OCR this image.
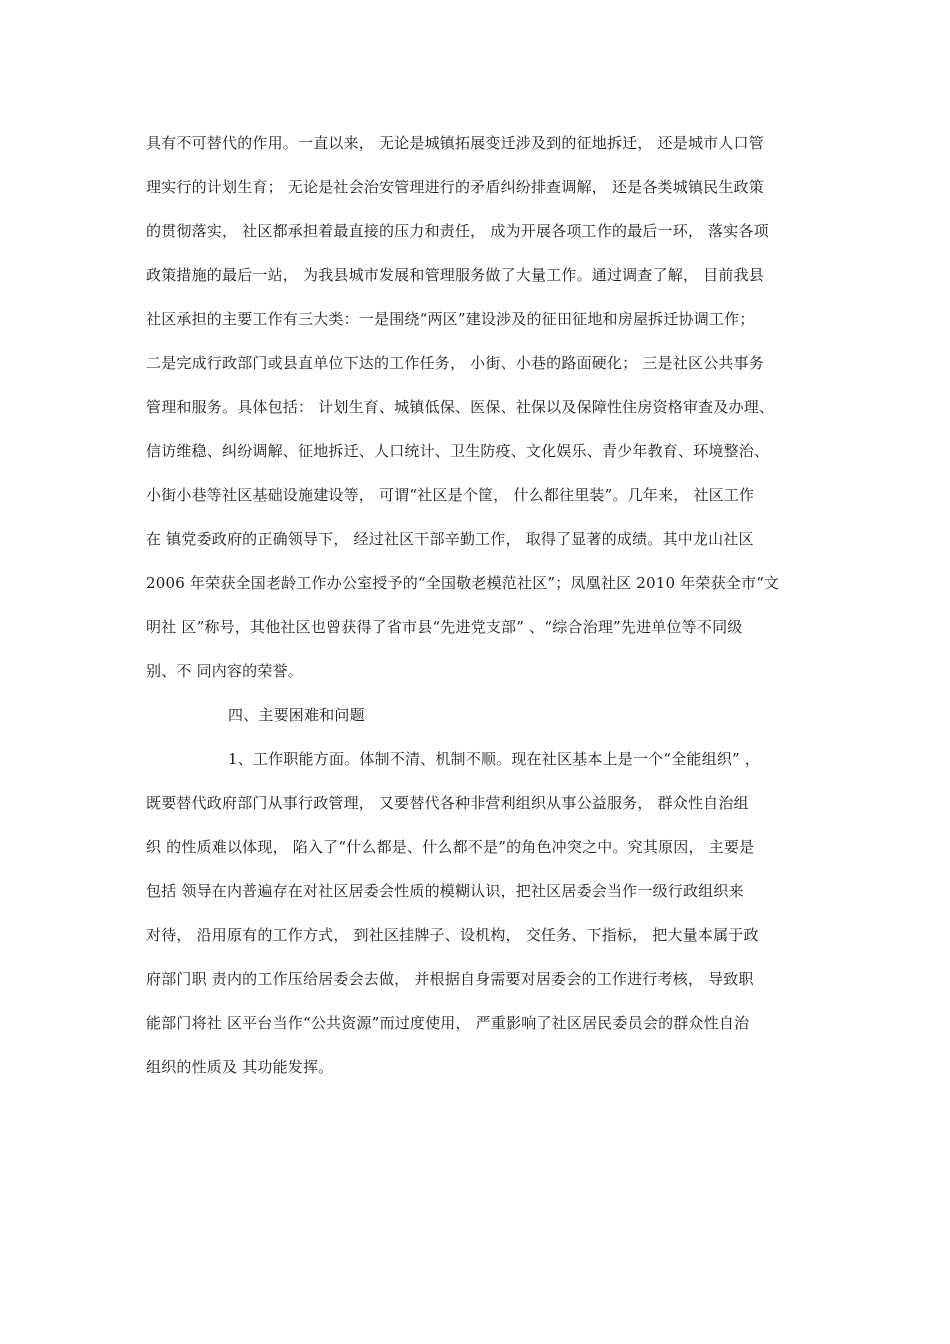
具有不可替代的作用。一直以来， 无论是城镇拓展变迁涉及到的征地拆迁， 还是城市人口管
理实行的计划生育； 无论是社会治安管理进行的矛盾纠纷排查调解， 还是各类城镇民生政策
的贯彻落实， 社区都承担着最直接的压力和责任， 成为开展各项工作的最后一环， 落实各项
政策措施的最后一站， 为我县城市发展和管理服务做了大量工作。通过调查了解， 目前我县
社区承担的主要工作有三大类：一是围绕“两区”建设涉及的征田征地和房屋拆迁协调工作；
二是完成行政部门或县直单位下达的工作任务， 小街、小巷的路面硬化； 三是社区公共事务
管理和服务。具体包括： 计划生育、城镇低保、医保、社保以及保障性住房资格审查及办理、
信访维稳、纠纷调解、征地拆迁、人口统计、卫生防疫、文化娱乐、青少年教育、环境整治、
小街小巷等社区基础设施建设等， 可谓“社区是个筐， 什么都往里装”。几年来， 社区工作
在 镇党委政府的正确领导下， 经过社区干部辛勤工作， 取得了显著的成绩。其中龙山社区
2006 年荣获全国老龄工作办公室授予的“全国敬老模范社区”；凤凰社区 2010 年荣获全市“文
明社 区”称号，其他社区也曾获得了省市县“先进党支部” 、“综合治理”先进单位等不同级
别、不 同内容的荣誉。
四、主要困难和问题
1、工作职能方面。体制不清、机制不顺。现在社区基本上是一个“全能组织” ，
既要替代政府部门从事行政管理， 又要替代各种非营利组织从事公益服务， 群众性自治组
织 的性质难以体现， 陷入了“什么都是、什么都不是”的角色冲突之中。究其原因， 主要是
包括 领导在内普遍存在对社区居委会性质的模糊认识，把社区居委会当作一级行政组织来
对待， 沿用原有的工作方式， 到社区挂牌子、设机构， 交任务、下指标， 把大量本属于政
府部门职 责内的工作压给居委会去做， 并根据自身需要对居委会的工作进行考核， 导致职
能部门将社 区平台当作“公共资源”而过度使用， 严重影响了社区居民委员会的群众性自治
组织的性质及 其功能发挥。
